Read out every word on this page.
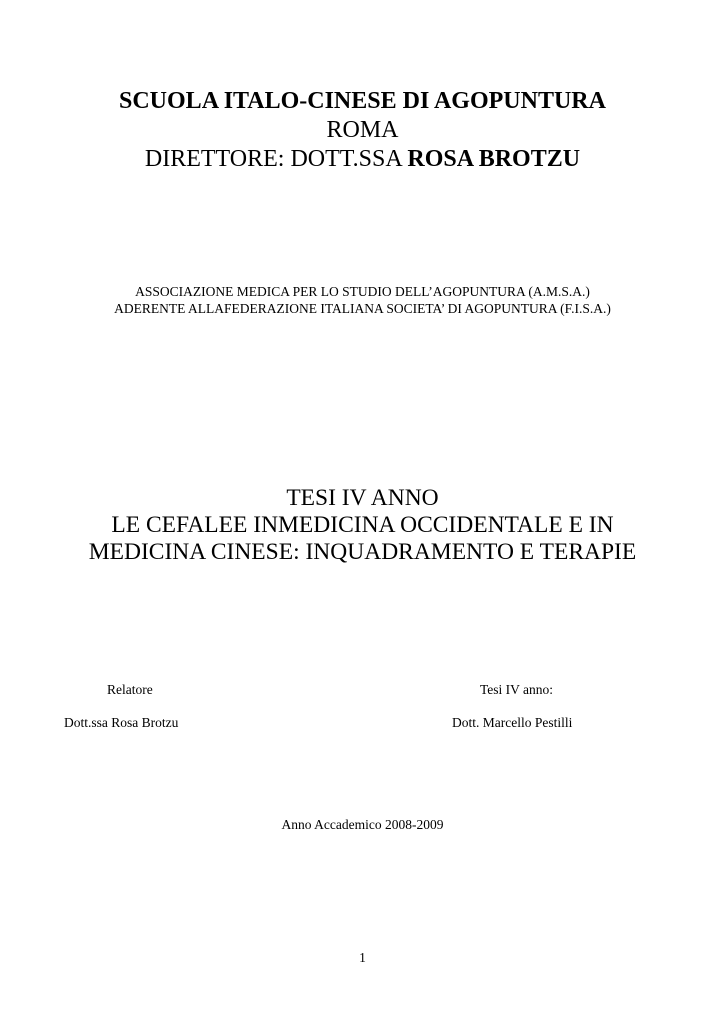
SCUOLA ITALO-CINESE DI AGOPUNTURA
ROMA
DIRETTORE: DOTT.SSA ROSA BROTZU
ASSOCIAZIONE MEDICA PER LO STUDIO DELL’AGOPUNTURA (A.M.S.A.)
ADERENTE ALLAFEDERAZIONE ITALIANA SOCIETA’ DI AGOPUNTURA (F.I.S.A.)
TESI IV ANNO
LE CEFALEE INMEDICINA OCCIDENTALE E IN
MEDICINA CINESE: INQUADRAMENTO E TERAPIE
Relatore
Dott.ssa Rosa Brotzu
Tesi IV anno:
Dott. Marcello Pestilli
Anno Accademico 2008-2009
1
